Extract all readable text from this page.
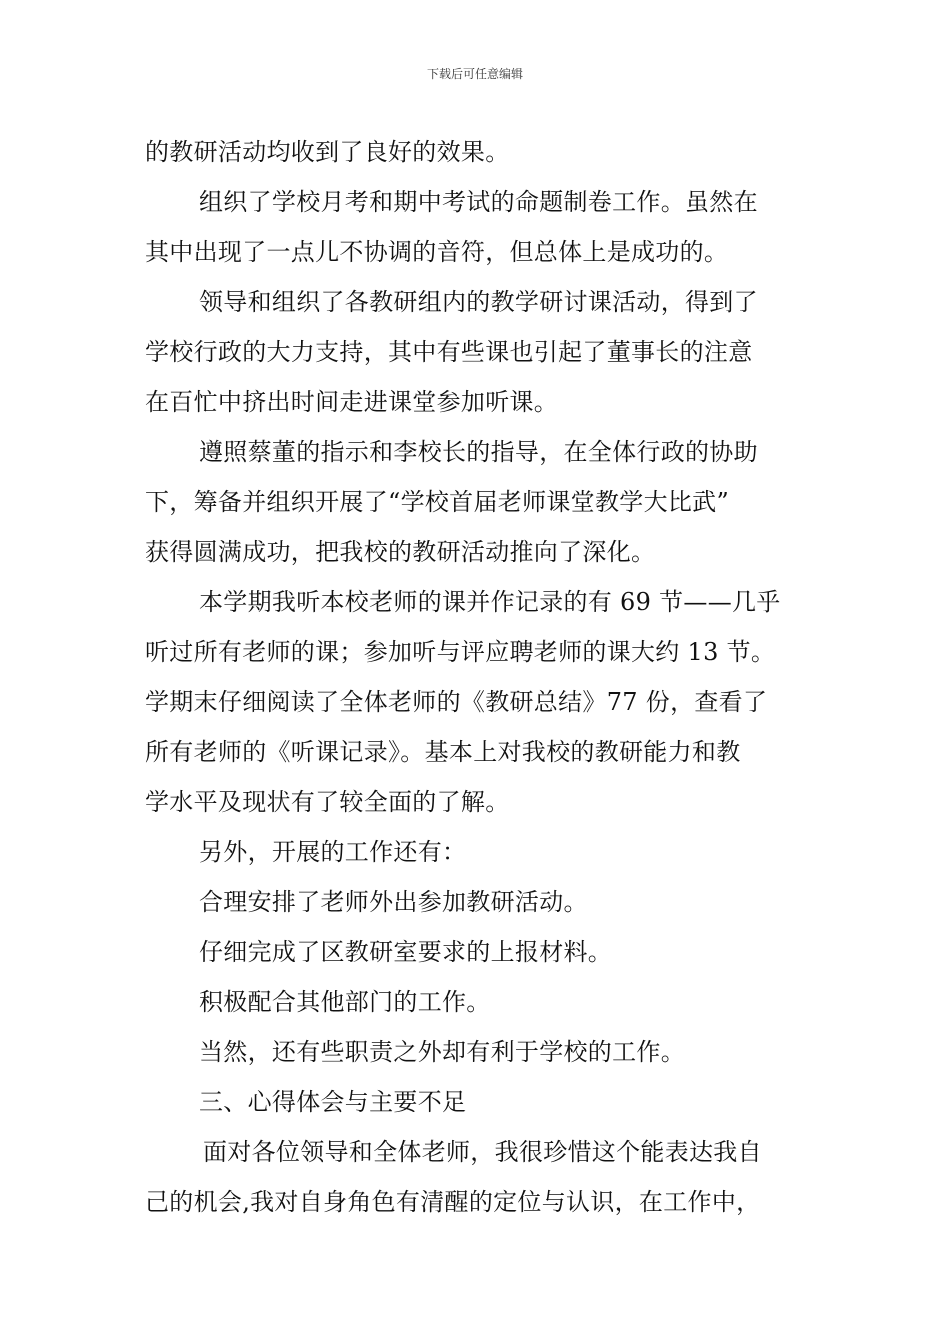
下载后可任意编辑
的教研活动均收到了良好的效果。
组织了学校月考和期中考试的命题制卷工作。虽然在
其中出现了一点儿不协调的音符，但总体上是成功的。
领导和组织了各教研组内的教学研讨课活动，得到了
学校行政的大力支持，其中有些课也引起了董事长的注意
在百忙中挤出时间走进课堂参加听课。
遵照蔡董的指示和李校长的指导，在全体行政的协助
下，筹备并组织开展了“学校首届老师课堂教学大比武”
获得圆满成功，把我校的教研活动推向了深化。
本学期我听本校老师的课并作记录的有 69 节——几乎
听过所有老师的课；参加听与评应聘老师的课大约 13 节。
学期末仔细阅读了全体老师的《教研总结》77 份，查看了
所有老师的《听课记录》。基本上对我校的教研能力和教
学水平及现状有了较全面的了解。
另外，开展的工作还有：
合理安排了老师外出参加教研活动。
仔细完成了区教研室要求的上报材料。
积极配合其他部门的工作。
当然，还有些职责之外却有利于学校的工作。
三、心得体会与主要不足
面对各位领导和全体老师，我很珍惜这个能表达我自
己的机会,我对自身角色有清醒的定位与认识，在工作中，
